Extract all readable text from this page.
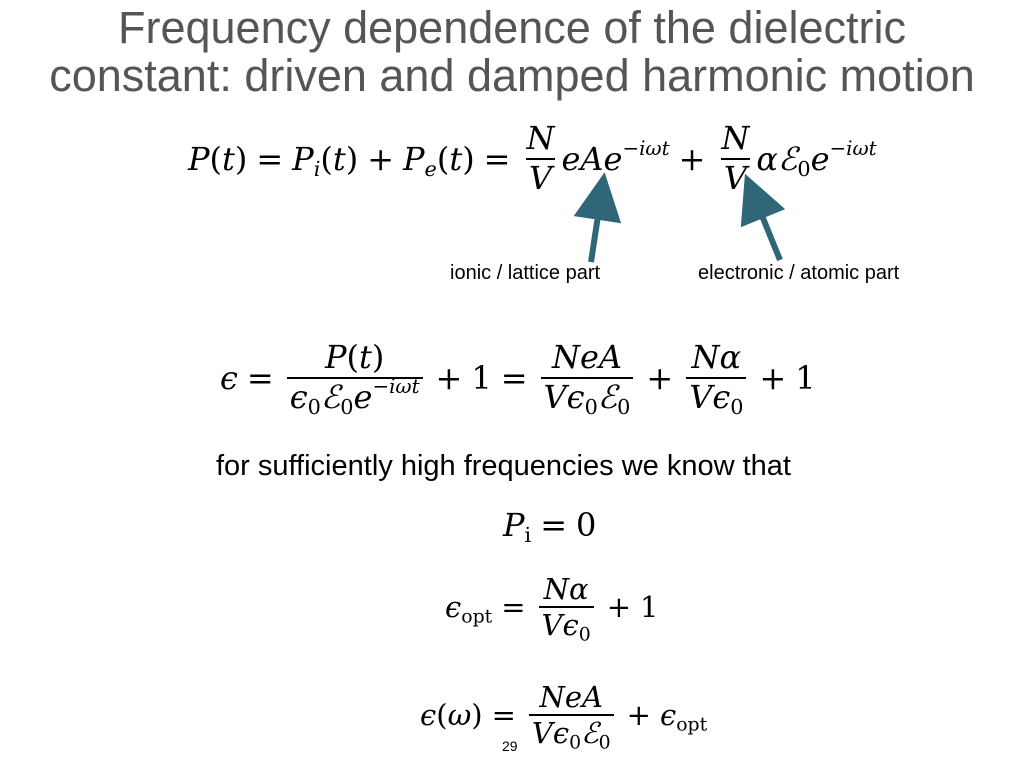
Frequency dependence of the dielectric
constant: driven and damped harmonic motion
$P(t) = P_i(t) + P_e(t) = \frac{N}{V} eAe^{-i\omega t} + \frac{N}{V}$ $\alpha ℰ_0e^{-i\omega t}$
ionic / lattice part	electronic / atomic part
$\epsilon = \frac{P(t)}{\epsilon_0ℰ_0e^{-i\omega t}} + 1 = \frac{\text{NeA}}{V\epsilon_0ℰ_0} + \frac{N\alpha}{V\epsilon_0} + 1$
for sufficiently high frequencies we know that
$P_i = 0$
$\epsilon_{opt} = \frac{N\alpha}{V\epsilon_0} + 1$
$\epsilon(\omega) = \frac{\text{NeA}}{V\epsilon_0ℰ_0} + \epsilon_{opt}$
29
